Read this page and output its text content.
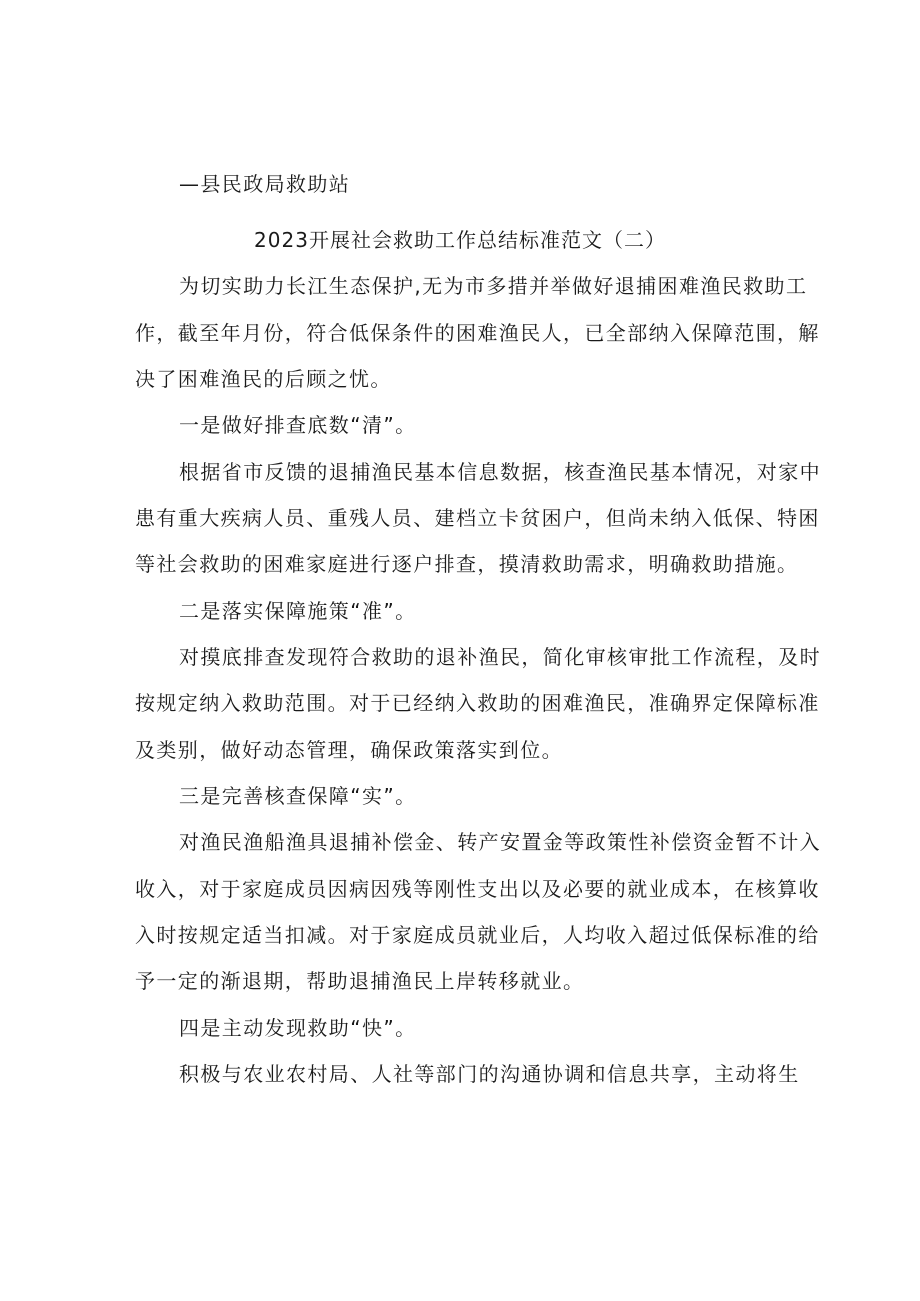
—县民政局救助站
2023开展社会救助工作总结标准范文（二）
为切实助力长江生态保护,无为市多措并举做好退捕困难渔民救助工
作，截至年月份，符合低保条件的困难渔民人，已全部纳入保障范围，解
决了困难渔民的后顾之忧。
一是做好排查底数“清”。
根据省市反馈的退捕渔民基本信息数据，核查渔民基本情况，对家中
患有重大疾病人员、重残人员、建档立卡贫困户，但尚未纳入低保、特困
等社会救助的困难家庭进行逐户排查，摸清救助需求，明确救助措施。
二是落实保障施策“准”。
对摸底排查发现符合救助的退补渔民，简化审核审批工作流程，及时
按规定纳入救助范围。对于已经纳入救助的困难渔民，准确界定保障标准
及类别，做好动态管理，确保政策落实到位。
三是完善核查保障“实”。
对渔民渔船渔具退捕补偿金、转产安置金等政策性补偿资金暂不计入
收入，对于家庭成员因病因残等刚性支出以及必要的就业成本，在核算收
入时按规定适当扣减。对于家庭成员就业后，人均收入超过低保标准的给
予一定的渐退期，帮助退捕渔民上岸转移就业。
四是主动发现救助“快”。
积极与农业农村局、人社等部门的沟通协调和信息共享，主动将生
